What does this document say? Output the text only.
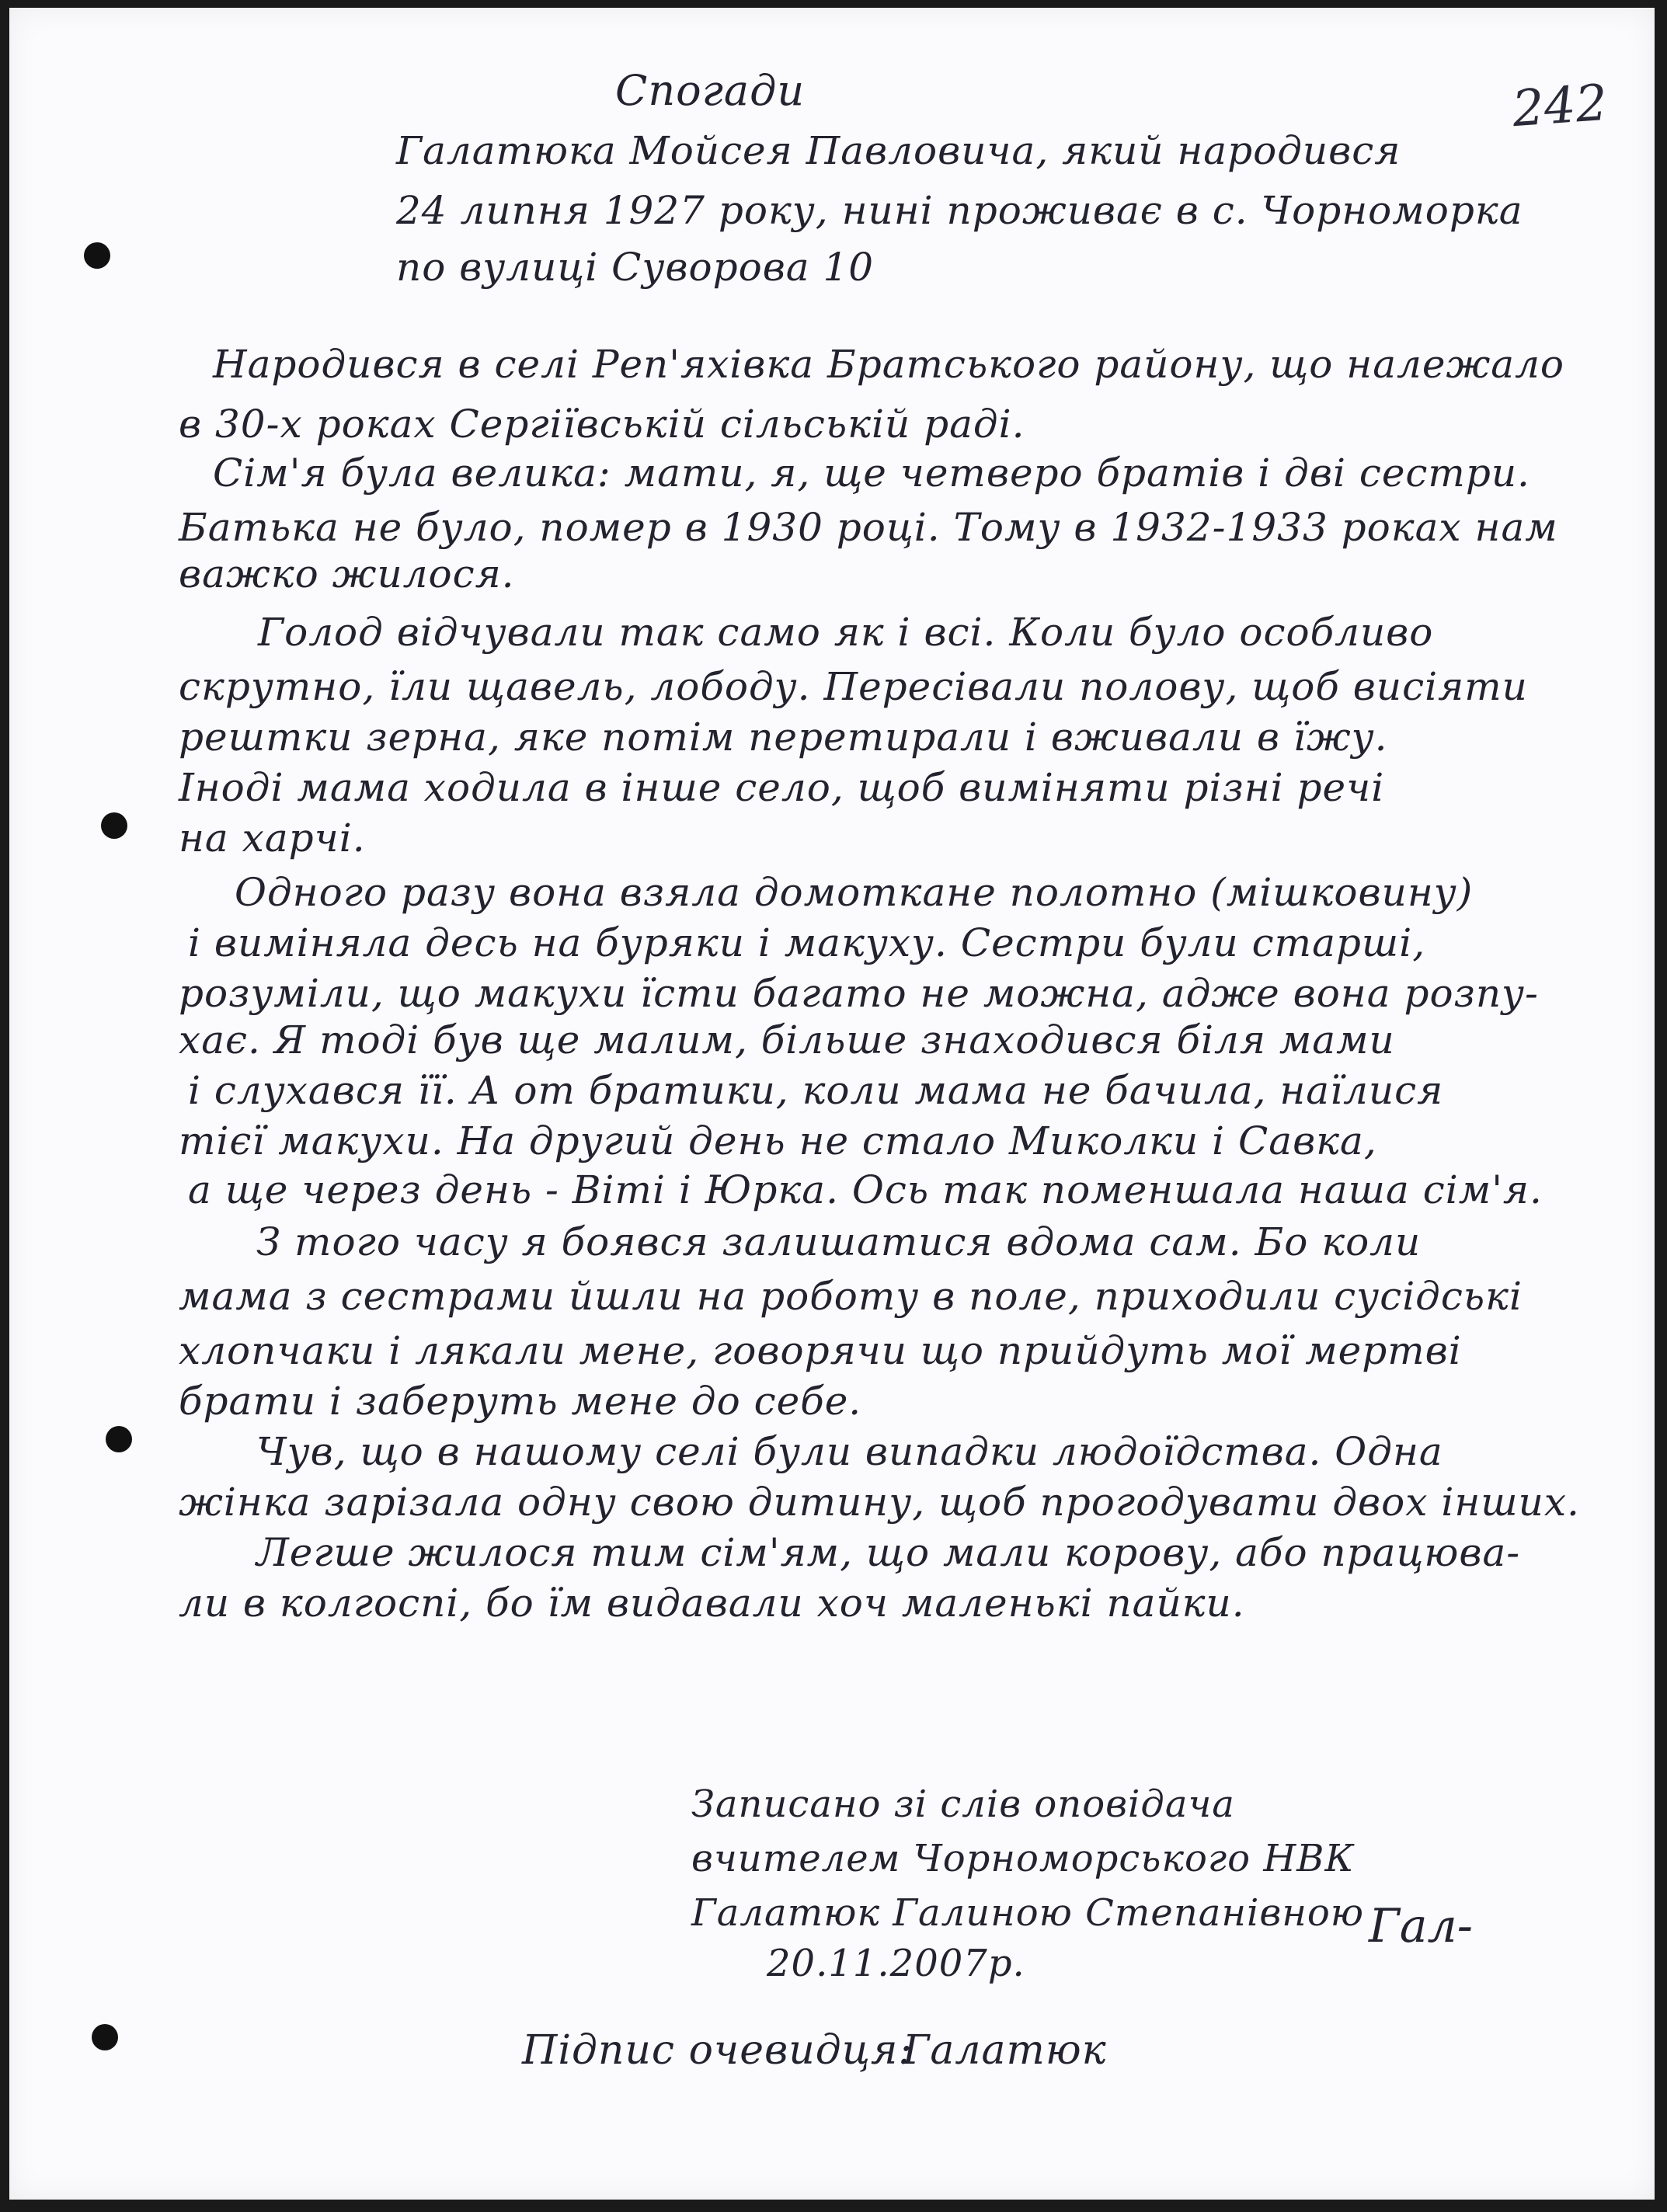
242
Спогади
Галатюка Мойсея Павловича, який народився
24 липня 1927 року, нині проживає в с. Чорноморка
по вулиці Суворова 10
Народився в селі Реп'яхівка Братського району, що належало
в 30-х роках Сергіївській сільській раді.
Сім'я була велика: мати, я, ще четверо братів і дві сестри.
Батька не було, помер в 1930 році. Тому в 1932-1933 роках нам
важко жилося.
Голод відчували так само як і всі. Коли було особливо
скрутно, їли щавель, лободу. Пересівали полову, щоб висіяти
рештки зерна, яке потім перетирали і вживали в їжу.
Іноді мама ходила в інше село, щоб виміняти різні речі
на харчі.
Одного разу вона взяла домоткане полотно (мішковину)
і виміняла десь на буряки і макуху. Сестри були старші,
розуміли, що макухи їсти багато не можна, адже вона розпу-
хає. Я тоді був ще малим, більше знаходився біля мами
і слухався її. А от братики, коли мама не бачила, наїлися
тієї макухи. На другий день не стало Миколки і Савка,
а ще через день - Віті і Юрка. Ось так поменшала наша сім'я.
З того часу я боявся залишатися вдома сам. Бо коли
мама з сестрами йшли на роботу в поле, приходили сусідські
хлопчаки і лякали мене, говорячи що прийдуть мої мертві
брати і заберуть мене до себе.
Чув, що в нашому селі були випадки людоїдства. Одна
жінка зарізала одну свою дитину, щоб прогодувати двох інших.
Легше жилося тим сім'ям, що мали корову, або працюва-
ли в колгоспі, бо їм видавали хоч маленькі пайки.
Записано зі слів оповідача
вчителем Чорноморського НВК
Галатюк Галиною Степанівною
20.11.2007р.
Гал-
Підпис очевидця:
Галатюк
